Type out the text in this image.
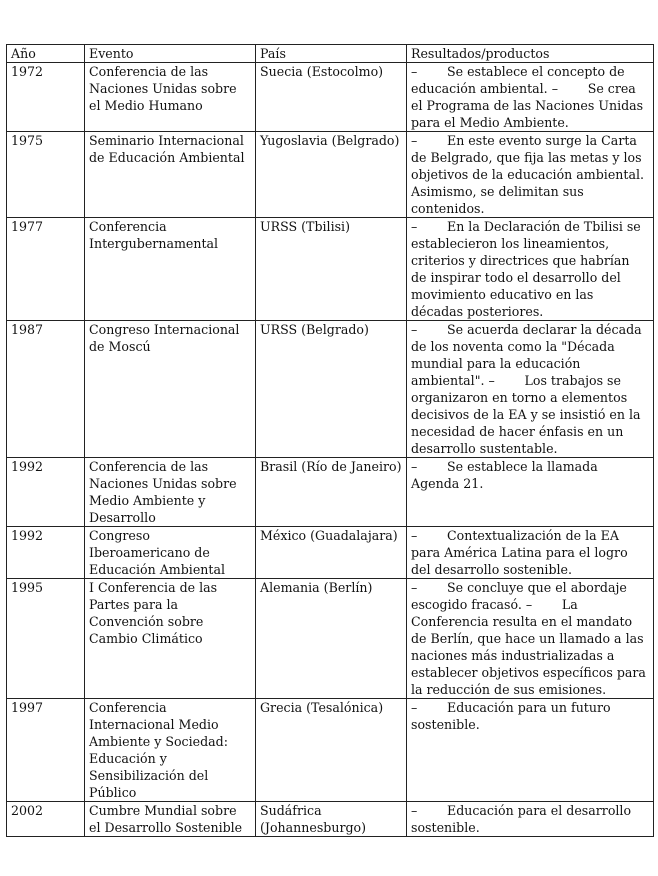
Año	Evento	País	Resultados/productos
1972	Conferencia de las Naciones Unidas sobre el Medio Humano	Suecia (Estocolmo)	– Se establece el concepto de educación ambiental. – Se crea el Programa de las Naciones Unidas para el Medio Ambiente.
1975	Seminario Internacional de Educación Ambiental	Yugoslavia (Belgrado)	– En este evento surge la Carta de Belgrado, que fija las metas y los objetivos de la educación ambiental. Asimismo, se delimitan sus contenidos.
1977	Conferencia Intergubernamental	URSS (Tbilisi)	– En la Declaración de Tbilisi se establecieron los lineamientos, criterios y directrices que habrían de inspirar todo el desarrollo del movimiento educativo en las décadas posteriores.
1987	Congreso Internacional de Moscú	URSS (Belgrado)	– Se acuerda declarar la década de los noventa como la "Década mundial para la educación ambiental". – Los trabajos se organizaron en torno a elementos decisivos de la EA y se insistió en la necesidad de hacer énfasis en un desarrollo sustentable.
1992	Conferencia de las Naciones Unidas sobre Medio Ambiente y Desarrollo	Brasil (Río de Janeiro)	– Se establece la llamada Agenda 21.
1992	Congreso Iberoamericano de Educación Ambiental	México (Guadalajara)	– Contextualización de la EA para América Latina para el logro del desarrollo sostenible.
1995	I Conferencia de las Partes para la Convención sobre Cambio Climático	Alemania (Berlín)	– Se concluye que el abordaje escogido fracasó. – La Conferencia resulta en el mandato de Berlín, que hace un llamado a las naciones más industrializadas a establecer objetivos específicos para la reducción de sus emisiones.
1997	Conferencia Internacional Medio Ambiente y Sociedad: Educación y Sensibilización del Público	Grecia (Tesalónica)	– Educación para un futuro sostenible.
2002	Cumbre Mundial sobre el Desarrollo Sostenible	Sudáfrica (Johannesburgo)	– Educación para el desarrollo sostenible.
